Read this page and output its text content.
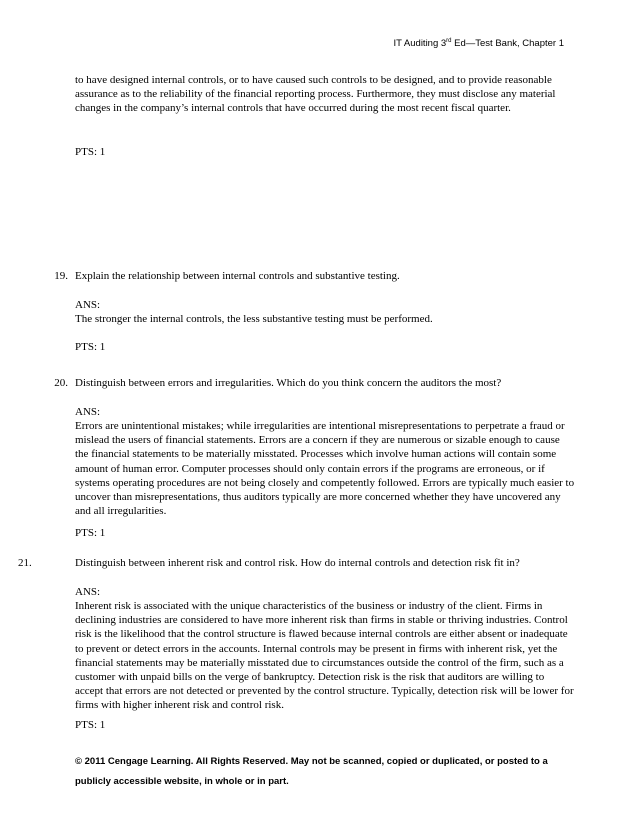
IT Auditing 3rd Ed—Test Bank, Chapter 1

to have designed internal controls, or to have caused such controls to be designed, and to provide reasonable assurance as to the reliability of the financial reporting process. Furthermore, they must disclose any material changes in the company’s internal controls that have occurred during the most recent fiscal quarter.

PTS: 1

19. Explain the relationship between internal controls and substantive testing.

ANS:

The stronger the internal controls, the less substantive testing must be performed.

PTS: 1

20. Distinguish between errors and irregularities. Which do you think concern the auditors the most?

ANS:

Errors are unintentional mistakes; while irregularities are intentional misrepresentations to perpetrate a fraud or mislead the users of financial statements. Errors are a concern if they are numerous or sizable enough to cause the financial statements to be materially misstated. Processes which involve human actions will contain some amount of human error. Computer processes should only contain errors if the programs are erroneous, or if systems operating procedures are not being closely and competently followed. Errors are typically much easier to uncover than misrepresentations, thus auditors typically are more concerned whether they have uncovered any and all irregularities.

PTS: 1

21.	Distinguish between inherent risk and control risk. How do internal controls and detection risk fit in?

ANS:

Inherent risk is associated with the unique characteristics of the business or industry of the client. Firms in declining industries are considered to have more inherent risk than firms in stable or thriving industries. Control risk is the likelihood that the control structure is flawed because internal controls are either absent or inadequate to prevent or detect errors in the accounts. Internal controls may be present in firms with inherent risk, yet the financial statements may be materially misstated due to circumstances outside the control of the firm, such as a customer with unpaid bills on the verge of bankruptcy. Detection risk is the risk that auditors are willing to accept that errors are not detected or prevented by the control structure. Typically, detection risk will be lower for firms with higher inherent risk and control risk.

PTS: 1

© 2011 Cengage Learning. All Rights Reserved. May not be scanned, copied or duplicated, or posted to a publicly accessible website, in whole or in part.
